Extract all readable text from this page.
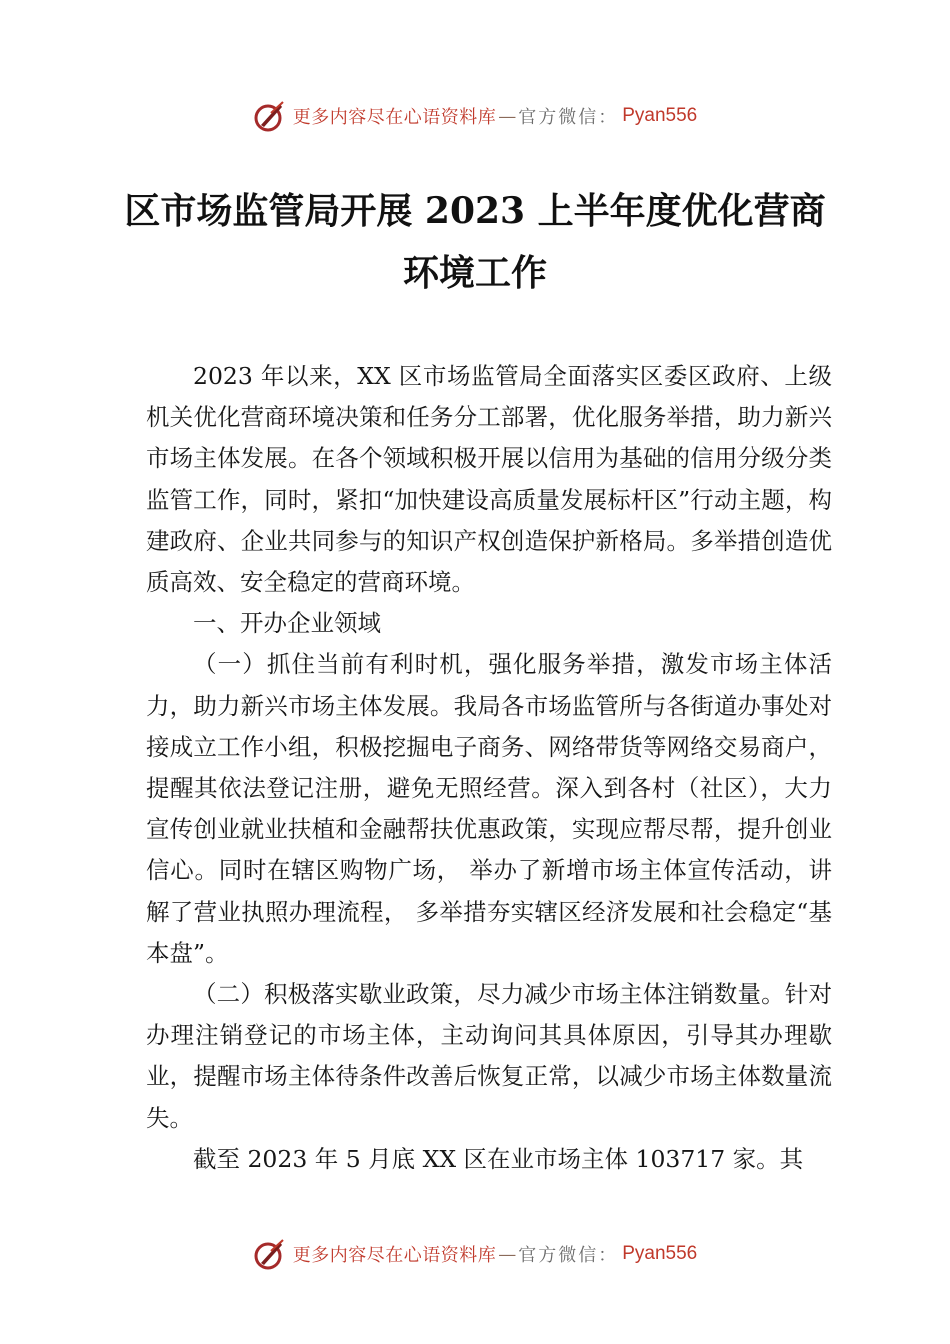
更多内容尽在心语资料库 — 官方微信： Pyan556
区市场监管局开展 2023 上半年度优化营商
环境工作

2023 年以来，XX 区市场监管局全面落实区委区政府、上级机关优化营商环境决策和任务分工部署，优化服务举措，助力新兴市场主体发展。在各个领域积极开展以信用为基础的信用分级分类监管工作，同时，紧扣“加快建设高质量发展标杆区”行动主题，构建政府、企业共同参与的知识产权创造保护新格局。多举措创造优质高效、安全稳定的营商环境。

一、开办企业领域

（一）抓住当前有利时机，强化服务举措，激发市场主体活力，助力新兴市场主体发展。我局各市场监管所与各街道办事处对接成立工作小组，积极挖掘电子商务、网络带货等网络交易商户，提醒其依法登记注册，避免无照经营。深入到各村（社区），大力宣传创业就业扶植和金融帮扶优惠政策，实现应帮尽帮，提升创业信心。同时在辖区购物广场， 举办了新增市场主体宣传活动，讲解了营业执照办理流程， 多举措夯实辖区经济发展和社会稳定“基本盘”。

（二）积极落实歇业政策，尽力减少市场主体注销数量。针对办理注销登记的市场主体，主动询问其具体原因，引导其办理歇业，提醒市场主体待条件改善后恢复正常，以减少市场主体数量流失。

截至 2023 年 5 月底 XX 区在业市场主体 103717 家。其

更多内容尽在心语资料库 — 官方微信： Pyan556
